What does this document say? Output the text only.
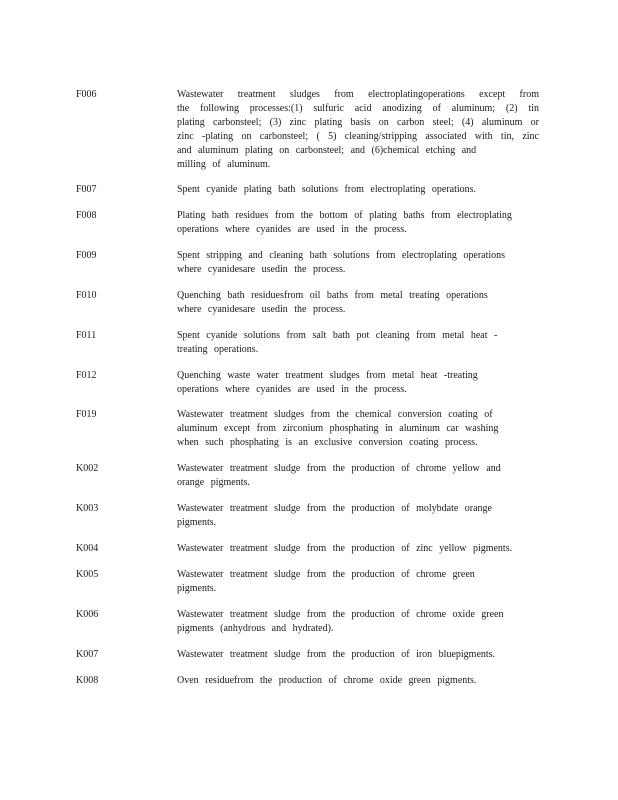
F006	Wastewater treatment sludges from electroplatingoperations except from
the following processes:(1) sulfuric acid anodizing of aluminum; (2) tin
plating carbonsteel; (3) zinc plating basis on carbon steel; (4) aluminum or
zinc -plating on carbonsteel; ( 5) cleaning/stripping associated with tin, zinc
and aluminum plating on carbonsteel; and (6)chemical etching and
milling of aluminum.
F007	Spent cyanide plating bath solutions from electroplating operations.
F008	Plating bath residues from the bottom of plating baths from electroplating
operations where cyanides are used in the process.
F009	Spent stripping and cleaning bath solutions from electroplating operations
where cyanidesare usedin the process.
F010	Quenching bath residuesfrom oil baths from metal treating operations
where cyanidesare usedin the process.
F011	Spent cyanide solutions from salt bath pot cleaning from metal heat -
treating operations.
F012	Quenching waste water treatment sludges from metal heat -treating
operations where cyanides are used in the process.
F019	Wastewater treatment sludges from the chemical conversion coating of
aluminum except from zirconium phosphating in aluminum car washing
when such phosphating is an exclusive conversion coating process.
K002	Wastewater treatment sludge from the production of chrome yellow and
orange pigments.
K003	Wastewater treatment sludge from the production of molybdate orange
pigments.
K004	Wastewater treatment sludge from the production of zinc yellow pigments.
K005	Wastewater treatment sludge from the production of chrome green
pigments.
K006	Wastewater treatment sludge from the production of chrome oxide green
pigments (anhydrous and hydrated).
K007	Wastewater treatment sludge from the production of iron bluepigments.
K008	Oven residuefrom the production of chrome oxide green pigments.
